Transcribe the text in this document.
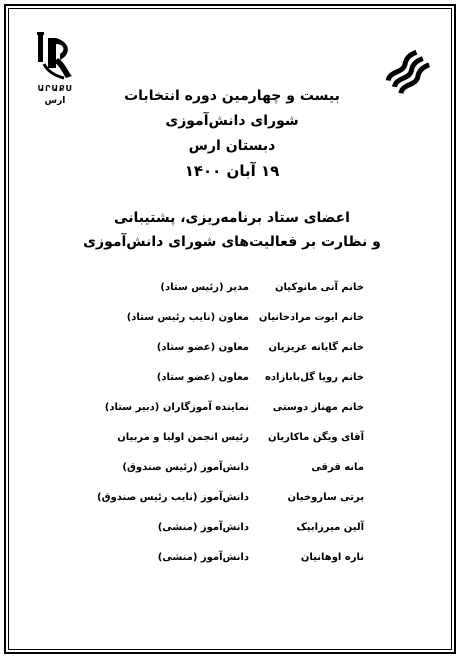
ԱՐԱՔՍ
ارس	بیست و چهارمین دوره انتخابات
شورای دانش‌آموزی
دبستان ارس
۱۹ آبان ۱۴۰۰
اعضای ستاد برنامه‌ریزی، پشتیبانی
و نظارت بر فعالیت‌های شورای دانش‌آموزی
خانم آنی مانوکیان
مدیر (رئیس ستاد)
خانم ایوت مرادخانیان
معاون (نایب رئیس ستاد)
خانم گایانه عزیزیان
معاون (عضو ستاد)
خانم رویا گل‌بابازاده
معاون (عضو ستاد)
خانم مهناز دوستی
نماینده آموزگاران (دبیر ستاد)
آقای ویگن ماکاریان
رئیس انجمن اولیا و مربیان
مانه قرقی
دانش‌آموز (رئیس صندوق)
برتی ساروخیان
دانش‌آموز (نایب رئیس صندوق)
آلین میرزابیک
دانش‌آموز (منشی)
ناره اوهانیان
دانش‌آموز (منشی)
